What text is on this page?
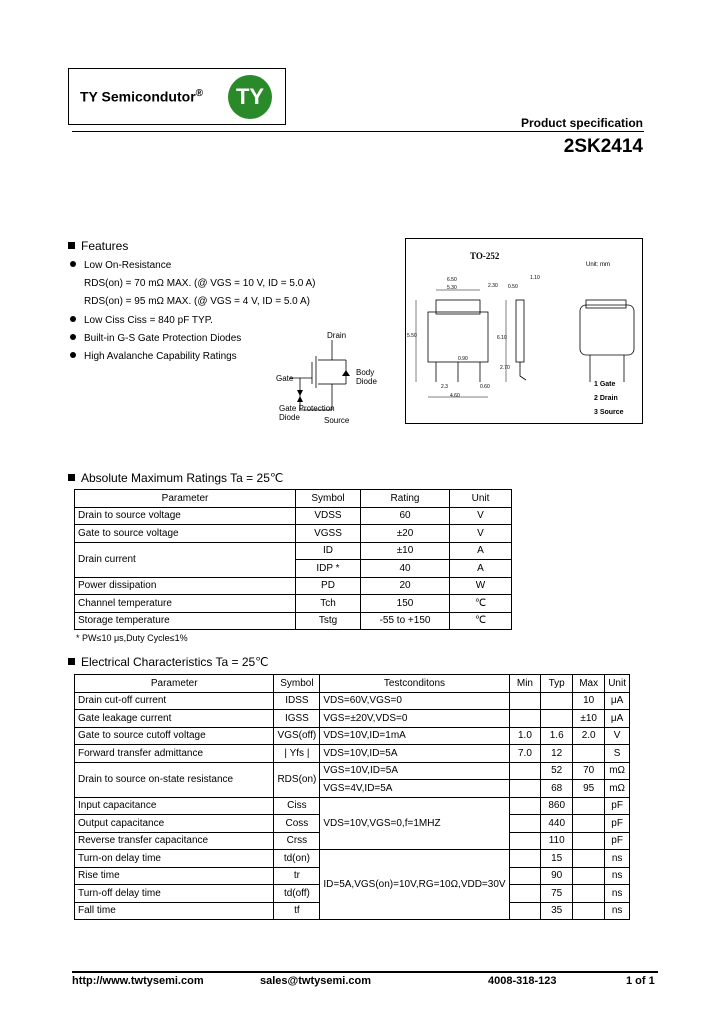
TY Semicondutor®	TY
Product specification
2SK2414
Features
Low On-Resistance
RDS(on) = 70 mΩ MAX. (@ VGS = 10 V, ID = 5.0 A)
RDS(on) = 95 mΩ MAX. (@ VGS = 4 V, ID = 5.0 A)
Low Ciss Ciss = 840 pF TYP.
Built-in G-S Gate Protection Diodes
High Avalanche Capability Ratings
Drain
Gate
Body
Diode
Gate Protection
Diode	Source
TO-252
Unit: mm
6.50
5.30	2.30 0.50
1.10
5.50	6.10
2.3	0.60
4.60
2.70
0.90
1 Gate
2 Drain
3 Source
Absolute Maximum Ratings Ta = 25℃
Parameter	Symbol	Rating	Unit
Drain to source voltage	VDSS	60	V
Gate to source voltage	VGSS	±20	V
Drain current	ID	±10	A
	IDP *	40	A
Power dissipation	PD	20	W
Channel temperature	Tch	150	℃
Storage temperature	Tstg	-55 to +150	℃
* PW≤10 μs,Duty Cycle≤1%
Electrical Characteristics Ta = 25℃
Parameter	Symbol	Testconditons	Min	Typ	Max	Unit
Drain cut-off current	IDSS	VDS=60V,VGS=0			10	μA
Gate leakage current	IGSS	VGS=±20V,VDS=0			±10	μA
Gate to source cutoff voltage	VGS(off)	VDS=10V,ID=1mA	1.0	1.6	2.0	V
Forward transfer admittance	| Yfs |	VDS=10V,ID=5A	7.0	12		S
Drain to source on-state resistance	RDS(on)	VGS=10V,ID=5A		52	70	mΩ
		VGS=4V,ID=5A		68	95	mΩ
Input capacitance	Ciss	VDS=10V,VGS=0,f=1MHZ		860		pF
Output capacitance	Coss			440		pF
Reverse transfer capacitance	Crss			110		pF
Turn-on delay time	td(on)	ID=5A,VGS(on)=10V,RG=10Ω,VDD=30V		15		ns
Rise time	tr			90		ns
Turn-off delay time	td(off)			75		ns
Fall time	tf			35		ns
http://www.twtysemi.com	sales@twtysemi.com	4008-318-123	1 of 1
